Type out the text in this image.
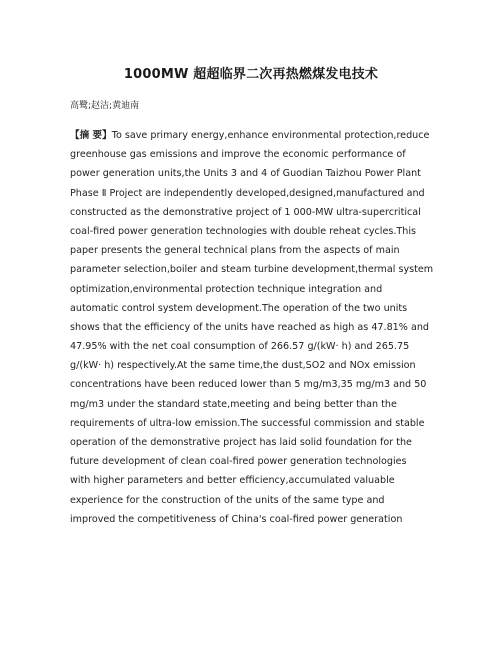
1000MW 超超临界二次再热燃煤发电技术
高鹭;赵洁;黄迪南
【摘 要】To save primary energy,enhance environmental protection,reduce
greenhouse gas emissions and improve the economic performance of
power generation units,the Units 3 and 4 of Guodian Taizhou Power Plant
Phase Ⅱ Project are independently developed,designed,manufactured and
constructed as the demonstrative project of 1 000-MW ultra-supercritical
coal-fired power generation technologies with double reheat cycles.This
paper presents the general technical plans from the aspects of main
parameter selection,boiler and steam turbine development,thermal system
optimization,environmental protection technique integration and
automatic control system development.The operation of the two units
shows that the efficiency of the units have reached as high as 47.81% and
47.95% with the net coal consumption of 266.57 g/(kW· h) and 265.75
g/(kW· h) respectively.At the same time,the dust,SO2 and NOx emission
concentrations have been reduced lower than 5 mg/m3,35 mg/m3 and 50
mg/m3 under the standard state,meeting and being better than the
requirements of ultra-low emission.The successful commission and stable
operation of the demonstrative project has laid solid foundation for the
future development of clean coal-fired power generation technologies
with higher parameters and better efficiency,accumulated valuable
experience for the construction of the units of the same type and
improved the competitiveness of China's coal-fired power generation
